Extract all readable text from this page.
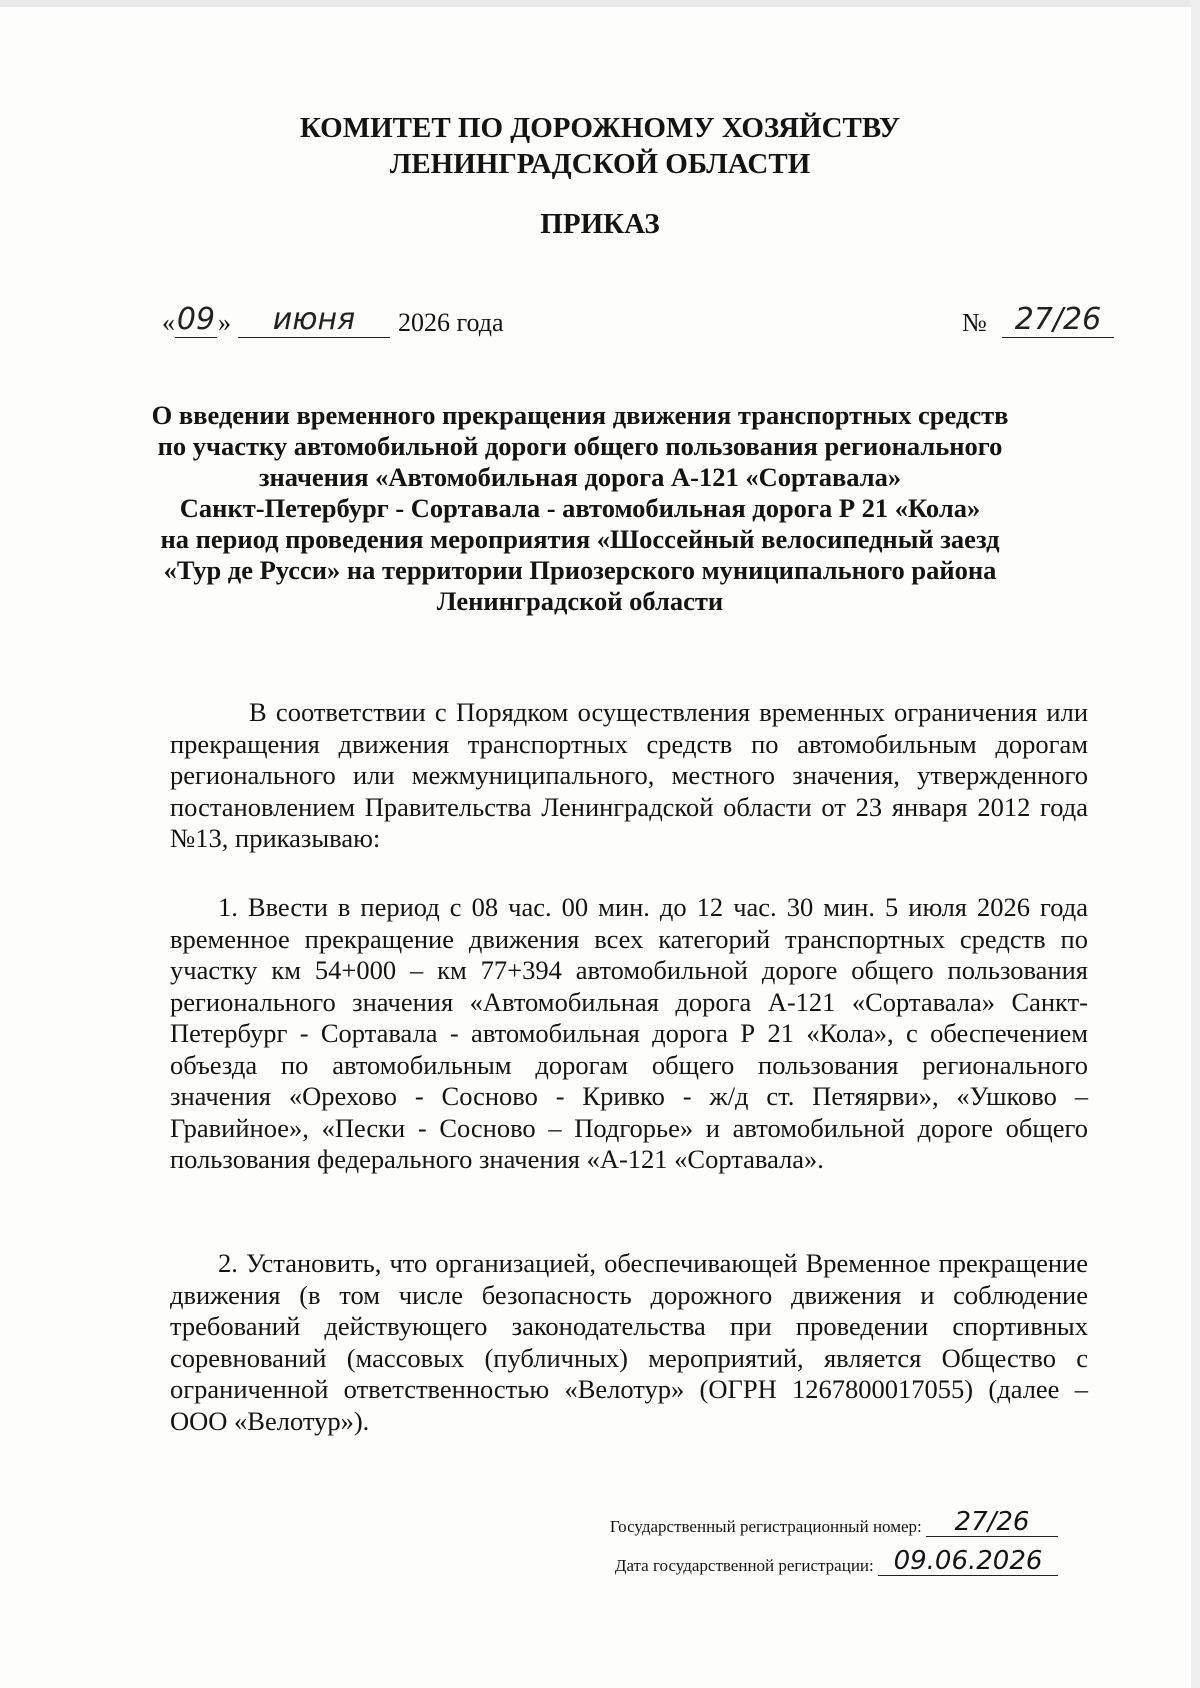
КОМИТЕТ ПО ДОРОЖНОМУ ХОЗЯЙСТВУ
ЛЕНИНГРАДСКОЙ ОБЛАСТИ
ПРИКАЗ
« 09 »	июня	2026 года	№ 27/26
О введении временного прекращения движения транспортных средств
по участку автомобильной дороги общего пользования регионального
значения «Автомобильная дорога А-121 «Сортавала»
Санкт-Петербург - Сортавала - автомобильная дорога Р 21 «Кола»
на период проведения мероприятия «Шоссейный велосипедный заезд
«Тур де Русси» на территории Приозерского муниципального района
Ленинградской области
В соответствии с Порядком осуществления временных ограничения или прекращения движения транспортных средств по автомобильным дорогам регионального или межмуниципального, местного значения, утвержденного постановлением Правительства Ленинградской области от 23 января 2012 года №13, приказываю:
1. Ввести в период с 08 час. 00 мин. до 12 час. 30 мин. 5 июля 2026 года временное прекращение движения всех категорий транспортных средств по участку км 54+000 – км 77+394 автомобильной дороге общего пользования регионального значения «Автомобильная дорога А-121 «Сортавала» Санкт-Петербург - Сортавала - автомобильная дорога Р 21 «Кола», с обеспечением объезда по автомобильным дорогам общего пользования регионального значения «Орехово - Сосново - Кривко - ж/д ст. Петяярви», «Ушково – Гравийное», «Пески - Сосново – Подгорье» и автомобильной дороге общего пользования федерального значения «А-121 «Сортавала».
2. Установить, что организацией, обеспечивающей Временное прекращение движения (в том числе безопасность дорожного движения и соблюдение требований действующего законодательства при проведении спортивных соревнований (массовых (публичных) мероприятий, является Общество с ограниченной ответственностью «Велотур» (ОГРН 1267800017055) (далее – ООО «Велотур»).
Государственный регистрационный номер: 27/26
Дата государственной регистрации: 09.06.2026
